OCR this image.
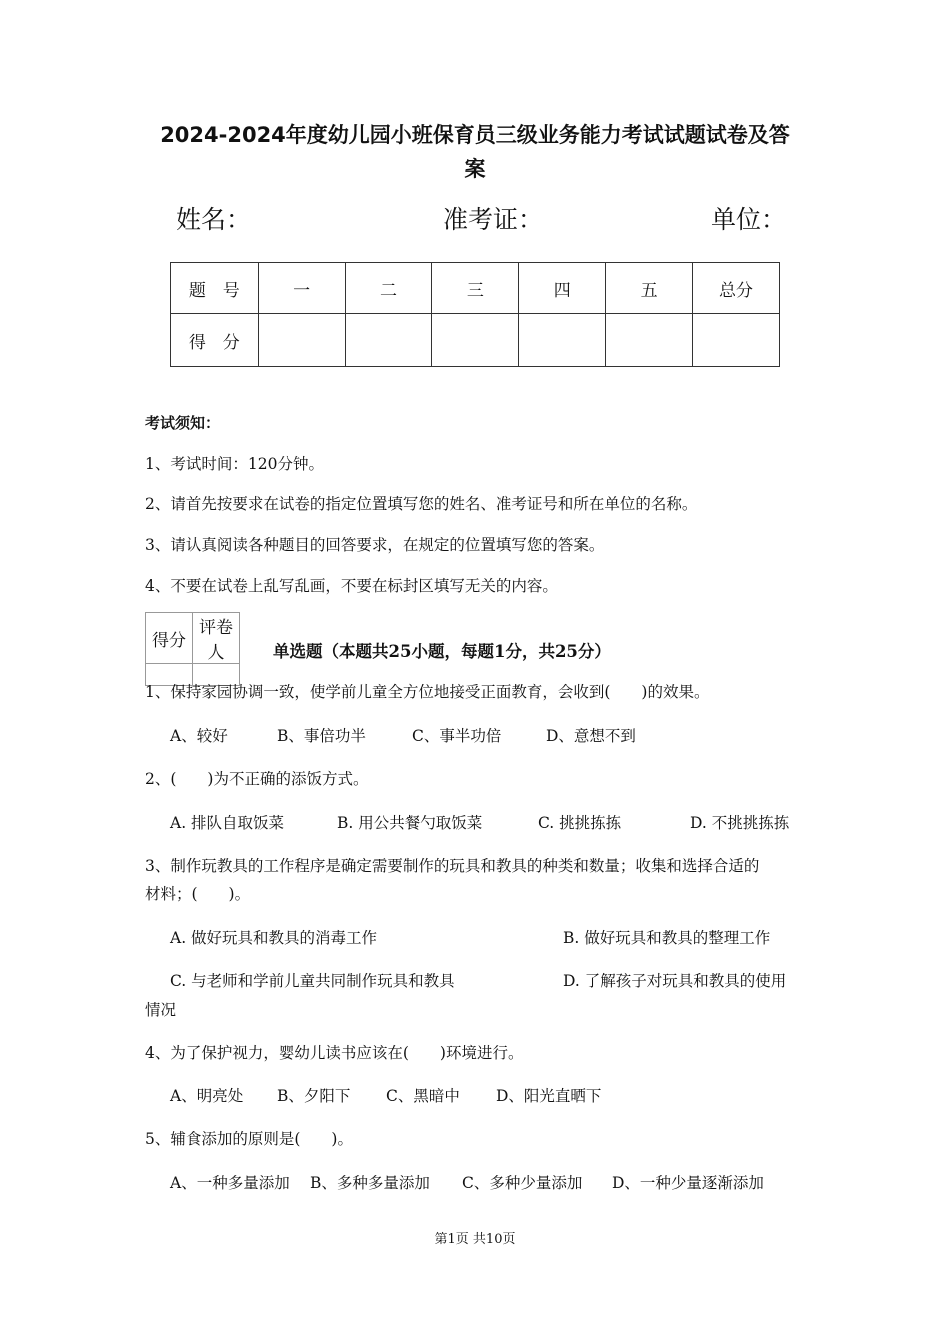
2024-2024年度幼儿园小班保育员三级业务能力考试试题试卷及答
案
姓名：	准考证：	单位：
题　号	一	二	三	四	五	总分
得　分						
考试须知：
1、考试时间：120分钟。
2、请首先按要求在试卷的指定位置填写您的姓名、准考证号和所在单位的名称。
3、请认真阅读各种题目的回答要求，在规定的位置填写您的答案。
4、不要在试卷上乱写乱画，不要在标封区填写无关的内容。
得分	评卷人
		单选题（本题共25小题，每题1分，共25分）
1、保持家园协调一致，使学前儿童全方位地接受正面教育，会收到(　　)的效果。
A、较好	B、事倍功半	C、事半功倍	D、意想不到
2、(　　)为不正确的添饭方式。
A. 排队自取饭菜	B. 用公共餐勺取饭菜	C. 挑挑拣拣	D. 不挑挑拣拣
3、制作玩教具的工作程序是确定需要制作的玩具和教具的种类和数量；收集和选择合适的
材料；(　　)。
A. 做好玩具和教具的消毒工作	B. 做好玩具和教具的整理工作
C. 与老师和学前儿童共同制作玩具和教具	D. 了解孩子对玩具和教具的使用
情况
4、为了保护视力，婴幼儿读书应该在(　　)环境进行。
A、明亮处 B、夕阳下 C、黑暗中 D、阳光直晒下
5、辅食添加的原则是(　　)。
A、一种多量添加 B、多种多量添加 C、多种少量添加 D、一种少量逐渐添加
第1页 共10页
